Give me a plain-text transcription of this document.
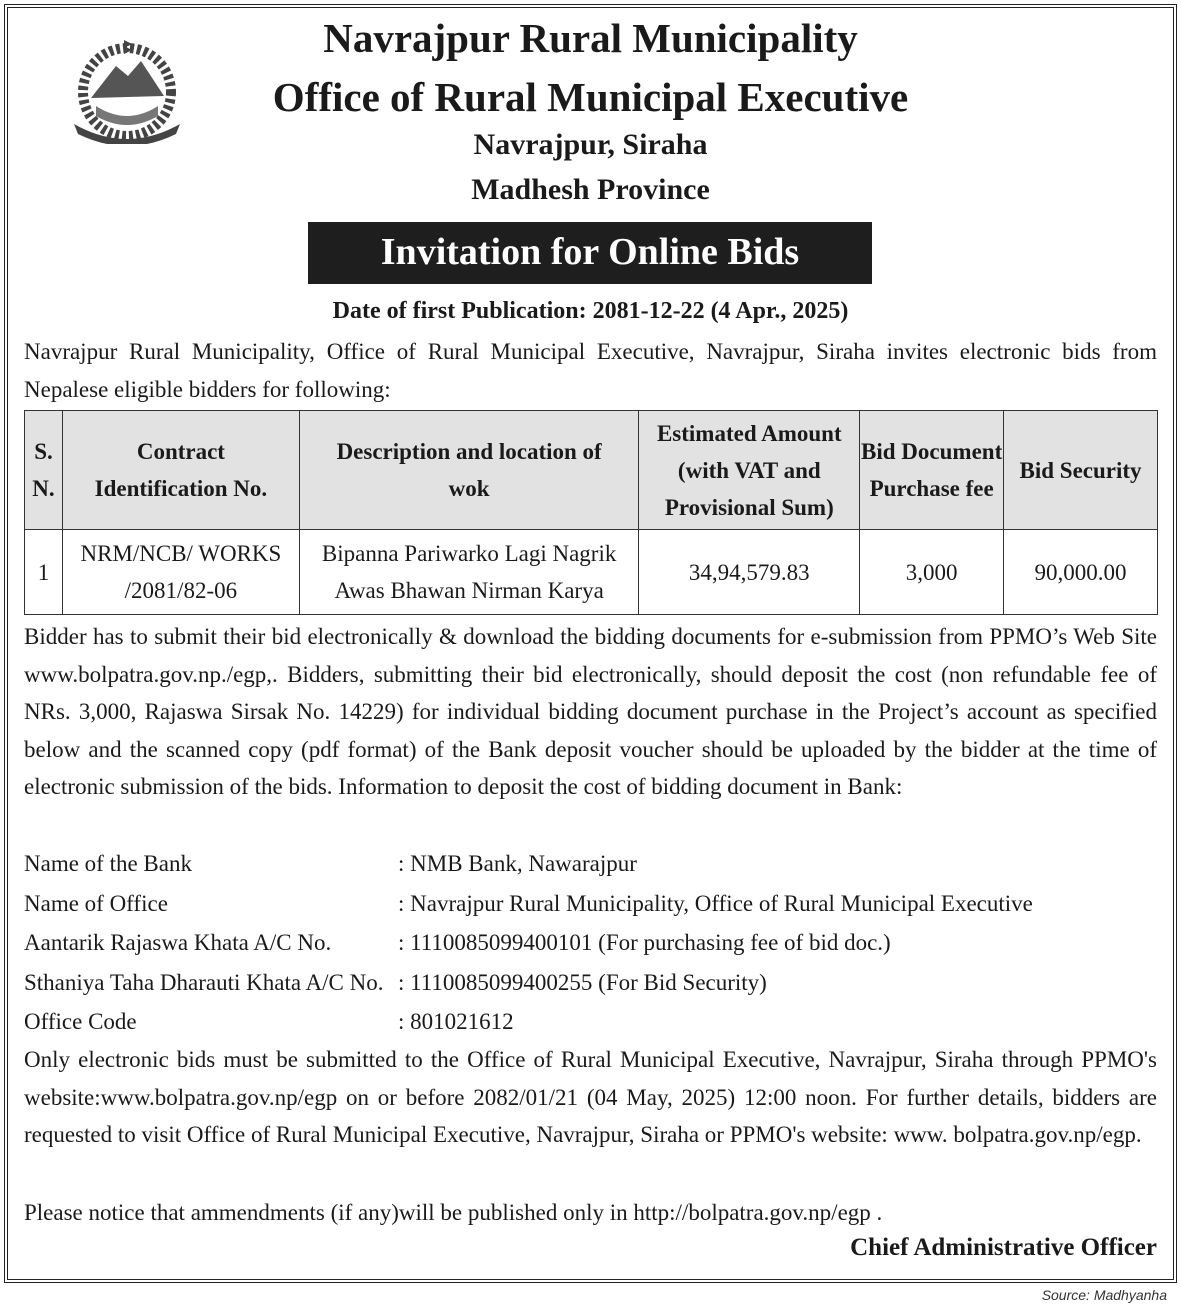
Navrajpur Rural Municipality
Office of Rural Municipal Executive
Navrajpur, Siraha
Madhesh Province
Invitation for Online Bids
Date of first Publication: 2081-12-22 (4 Apr., 2025)
Navrajpur Rural Municipality, Office of Rural Municipal Executive, Navrajpur, Siraha invites electronic bids from Nepalese eligible bidders for following:
S. N.	Contract Identification No.	Description and location of wok	Estimated Amount (with VAT and Provisional Sum)	Bid Document Purchase fee	Bid Security
1	NRM/NCB/ WORKS /2081/82-06	Bipanna Pariwarko Lagi Nagrik Awas Bhawan Nirman Karya	34,94,579.83	3,000	90,000.00
Bidder has to submit their bid electronically & download the bidding documents for e-submission from PPMO’s Web Site www.bolpatra.gov.np./egp,. Bidders, submitting their bid electronically, should deposit the cost (non refundable fee of NRs. 3,000, Rajaswa Sirsak No. 14229) for individual bidding document purchase in the Project’s account as specified below and the scanned copy (pdf format) of the Bank deposit voucher should be uploaded by the bidder at the time of electronic submission of the bids. Information to deposit the cost of bidding document in Bank:
Name of the Bank	: NMB Bank, Nawarajpur
Name of Office	: Navrajpur Rural Municipality, Office of Rural Municipal Executive
Aantarik Rajaswa Khata A/C No.	: 1110085099400101 (For purchasing fee of bid doc.)
Sthaniya Taha Dharauti Khata A/C No. : 1110085099400255 (For Bid Security)
Office Code	: 801021612
Only electronic bids must be submitted to the Office of Rural Municipal Executive, Navrajpur, Siraha through PPMO's website:www.bolpatra.gov.np/egp on or before 2082/01/21 (04 May, 2025) 12:00 noon. For further details, bidders are requested to visit Office of Rural Municipal Executive, Navrajpur, Siraha or PPMO's website: www. bolpatra.gov.np/egp.
Please notice that ammendments (if any)will be published only in http://bolpatra.gov.np/egp .
Chief Administrative Officer
Source: Madhyanha
